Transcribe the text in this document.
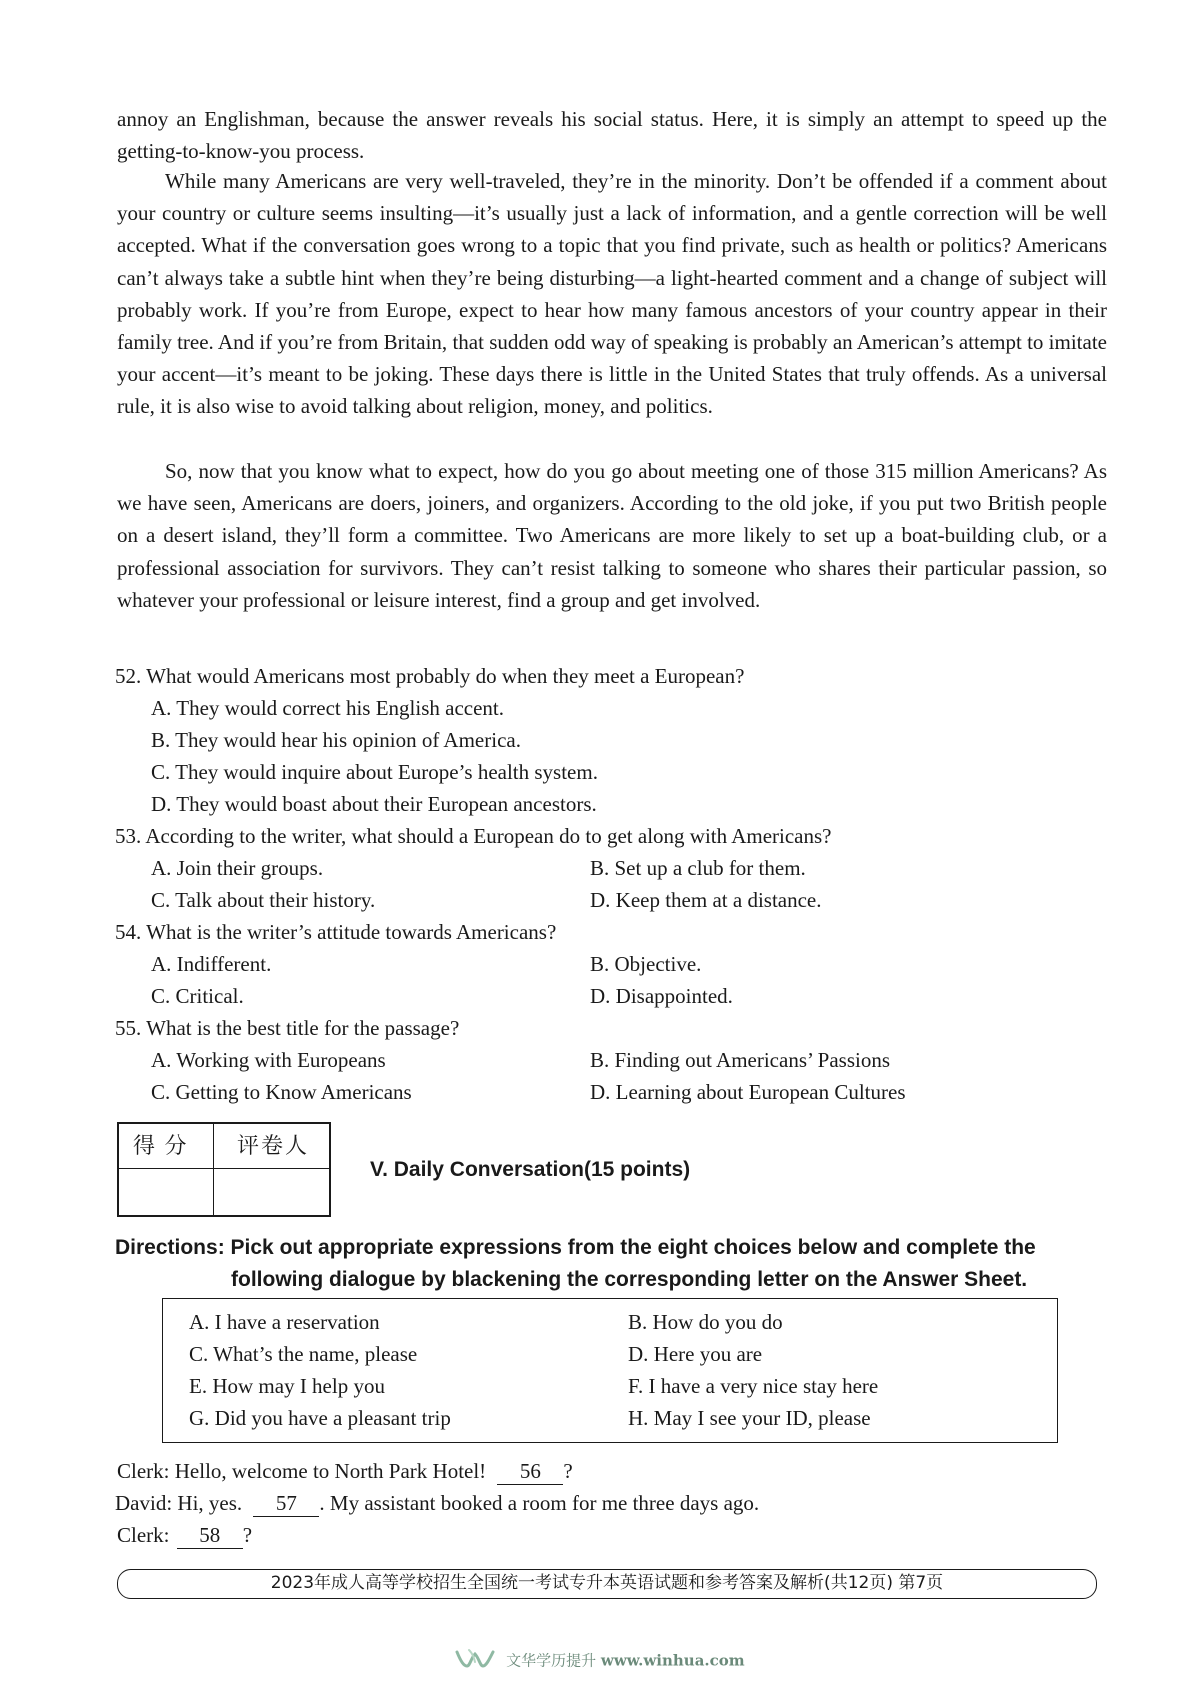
annoy an Englishman, because the answer reveals his social status. Here, it is simply an attempt to speed up the getting-to-know-you process.

While many Americans are very well-traveled, they’re in the minority. Don’t be offended if a comment about your country or culture seems insulting—it’s usually just a lack of information, and a gentle correction will be well accepted. What if the conversation goes wrong to a topic that you find private, such as health or politics? Americans can’t always take a subtle hint when they’re being disturbing—a light-hearted comment and a change of subject will probably work. If you’re from Europe, expect to hear how many famous ancestors of your country appear in their family tree. And if you’re from Britain, that sudden odd way of speaking is probably an American’s attempt to imitate your accent—it’s meant to be joking. These days there is little in the United States that truly offends. As a universal rule, it is also wise to avoid talking about religion, money, and politics.

So, now that you know what to expect, how do you go about meeting one of those 315 million Americans? As we have seen, Americans are doers, joiners, and organizers. According to the old joke, if you put two British people on a desert island, they’ll form a committee. Two Americans are more likely to set up a boat-building club, or a professional association for survivors. They can’t resist talking to someone who shares their particular passion, so whatever your professional or leisure interest, find a group and get involved.

52. What would Americans most probably do when they meet a European?
A. They would correct his English accent.
B. They would hear his opinion of America.
C. They would inquire about Europe’s health system.
D. They would boast about their European ancestors.
53. According to the writer, what should a European do to get along with Americans?
A. Join their groups.	B. Set up a club for them.
C. Talk about their history.	D. Keep them at a distance.
54. What is the writer’s attitude towards Americans?
A. Indifferent.	B. Objective.
C. Critical.	D. Disappointed.
55. What is the best title for the passage?
A. Working with Europeans	B. Finding out Americans’ Passions
C. Getting to Know Americans	D. Learning about European Cultures
得 分 评卷人
V. Daily Conversation(15 points)
Directions: Pick out appropriate expressions from the eight choices below and complete the
following dialogue by blackening the corresponding letter on the Answer Sheet.
A. I have a reservation	B. How do you do
C. What’s the name, please	D. Here you are
E. How may I help you	F. I have a very nice stay here
G. Did you have a pleasant trip	H. May I see your ID, please
Clerk: Hello, welcome to North Park Hotel! 56 ?
David: Hi, yes. 57 . My assistant booked a room for me three days ago.
Clerk: 58 ?
2023年成人高等学校招生全国统一考试专升本英语试题和参考答案及解析(共12页) 第7页
文华学历提升 www.winhua.com
